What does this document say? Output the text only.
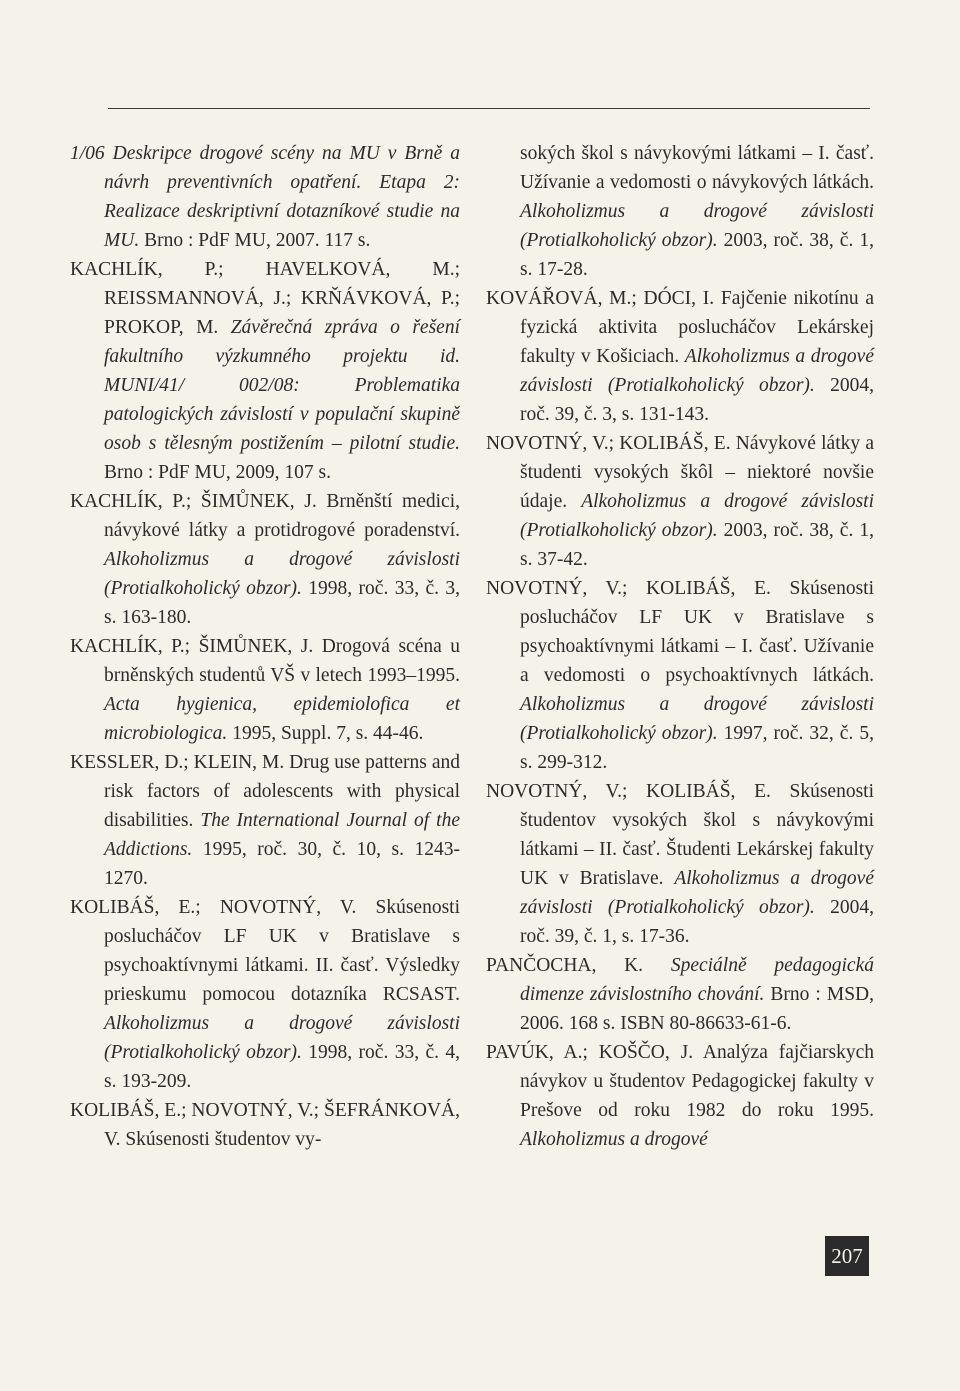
1/06 Deskripce drogové scény na MU v Brně a návrh preventivních opatření. Etapa 2: Realizace deskriptivní dotazníkové studie na MU. Brno : PdF MU, 2007. 117 s.
KACHLÍK, P.; HAVELKOVÁ, M.; REISSMANNOVÁ, J.; KRŇÁVKOVÁ, P.; PROKOP, M. Závěrečná zpráva o řešení fakultního výzkumného projektu id. MUNI/41/ 002/08: Problematika patologických závislostí v populační skupině osob s tělesným postižením – pilotní studie. Brno : PdF MU, 2009, 107 s.
KACHLÍK, P.; ŠIMŮNEK, J. Brněnští medici, návykové látky a protidrogové poradenství. Alkoholizmus a drogové závislosti (Protialkoholický obzor). 1998, roč. 33, č. 3, s. 163-180.
KACHLÍK, P.; ŠIMŮNEK, J. Drogová scéna u brněnských studentů VŠ v letech 1993–1995. Acta hygienica, epidemiolofica et microbiologica. 1995, Suppl. 7, s. 44-46.
KESSLER, D.; KLEIN, M. Drug use patterns and risk factors of adolescents with physical disabilities. The International Journal of the Addictions. 1995, roč. 30, č. 10, s. 1243-1270.
KOLIBÁŠ, E.; NOVOTNÝ, V. Skúsenosti poslucháčov LF UK v Bratislave s psychoaktívnymi látkami. II. časť. Výsledky prieskumu pomocou dotazníka RCSAST. Alkoholizmus a drogové závislosti (Protialkoholický obzor). 1998, roč. 33, č. 4, s. 193-209.
KOLIBÁŠ, E.; NOVOTNÝ, V.; ŠEFRÁNKOVÁ, V. Skúsenosti študentov vy-
sokých škol s návykovými látkami – I. časť. Užívanie a vedomosti o návykových látkách. Alkoholizmus a drogové závislosti (Protialkoholický obzor). 2003, roč. 38, č. 1, s. 17-28.
KOVÁŘOVÁ, M.; DÓCI, I. Fajčenie nikotínu a fyzická aktivita poslucháčov Lekárskej fakulty v Košiciach. Alkoholizmus a drogové závislosti (Protialkoholický obzor). 2004, roč. 39, č. 3, s. 131-143.
NOVOTNÝ, V.; KOLIBÁŠ, E. Návykové látky a študenti vysokých škôl – niektoré novšie údaje. Alkoholizmus a drogové závislosti (Protialkoholický obzor). 2003, roč. 38, č. 1, s. 37-42.
NOVOTNÝ, V.; KOLIBÁŠ, E. Skúsenosti poslucháčov LF UK v Bratislave s psychoaktívnymi látkami – I. časť. Užívanie a vedomosti o psychoaktívnych látkách. Alkoholizmus a drogové závislosti (Protialkoholický obzor). 1997, roč. 32, č. 5, s. 299-312.
NOVOTNÝ, V.; KOLIBÁŠ, E. Skúsenosti študentov vysokých škol s návykovými látkami – II. časť. Študenti Lekárskej fakulty UK v Bratislave. Alkoholizmus a drogové závislosti (Protialkoholický obzor). 2004, roč. 39, č. 1, s. 17-36.
PANČOCHA, K. Speciálně pedagogická dimenze závislostního chování. Brno : MSD, 2006. 168 s. ISBN 80-86633-61-6.
PAVÚK, A.; KOŠČO, J. Analýza fajčiarskych návykov u študentov Pedagogickej fakulty v Prešove od roku 1982 do roku 1995. Alkoholizmus a drogové
207
